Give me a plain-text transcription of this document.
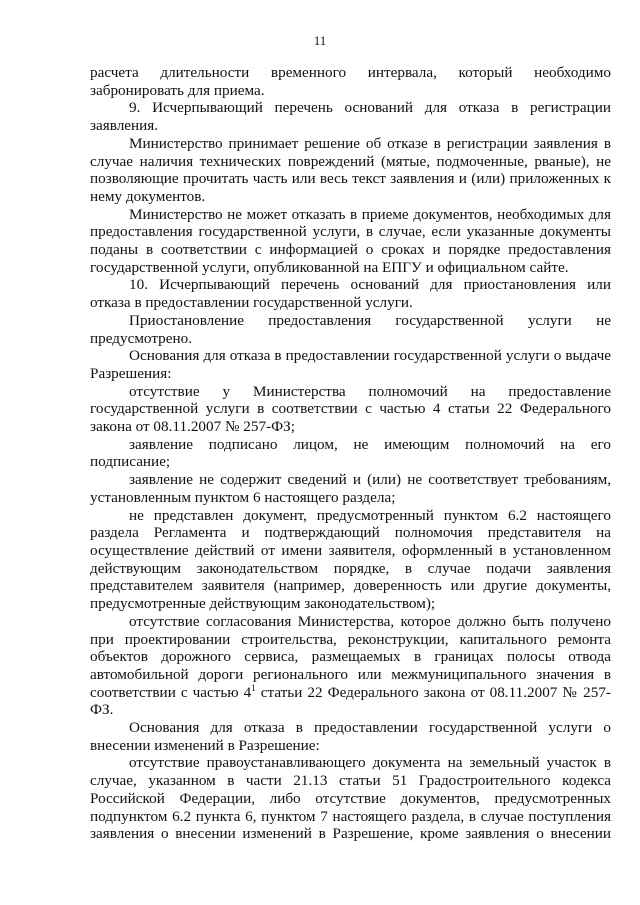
11

расчета длительности временного интервала, который необходимо забронировать для приема.

9. Исчерпывающий перечень оснований для отказа в регистрации заявления.

Министерство принимает решение об отказе в регистрации заявления в случае наличия технических повреждений (мятые, подмоченные, рваные), не позволяющие прочитать часть или весь текст заявления и (или) приложенных к нему документов.

Министерство не может отказать в приеме документов, необходимых для предоставления государственной услуги, в случае, если указанные документы поданы в соответствии с информацией о сроках и порядке предоставления государственной услуги, опубликованной на ЕПГУ и официальном сайте.

10. Исчерпывающий перечень оснований для приостановления или отказа в предоставлении государственной услуги.

Приостановление предоставления государственной услуги не предусмотрено.

Основания для отказа в предоставлении государственной услуги о выдаче Разрешения:

отсутствие у Министерства полномочий на предоставление государственной услуги в соответствии с частью 4 статьи 22 Федерального закона от 08.11.2007 № 257-ФЗ;

заявление подписано лицом, не имеющим полномочий на его подписание;

заявление не содержит сведений и (или) не соответствует требованиям, установленным пунктом 6 настоящего раздела;

не представлен документ, предусмотренный пунктом 6.2 настоящего раздела Регламента и подтверждающий полномочия представителя на осуществление действий от имени заявителя, оформленный в установленном действующим законодательством порядке, в случае подачи заявления представителем заявителя (например, доверенность или другие документы, предусмотренные действующим законодательством);

отсутствие согласования Министерства, которое должно быть получено при проектировании строительства, реконструкции, капитального ремонта объектов дорожного сервиса, размещаемых в границах полосы отвода автомобильной дороги регионального или межмуниципального значения в соответствии с частью $4^1$ статьи 22 Федерального закона от 08.11.2007 № 257-ФЗ.

Основания для отказа в предоставлении государственной услуги о внесении изменений в Разрешение:

отсутствие правоустанавливающего документа на земельный участок в случае, указанном в части 21.13 статьи 51 Градостроительного кодекса Российской Федерации, либо отсутствие документов, предусмотренных подпунктом 6.2 пункта 6, пунктом 7 настоящего раздела, в случае поступления заявления о внесении изменений в Разрешение, кроме заявления о внесении
